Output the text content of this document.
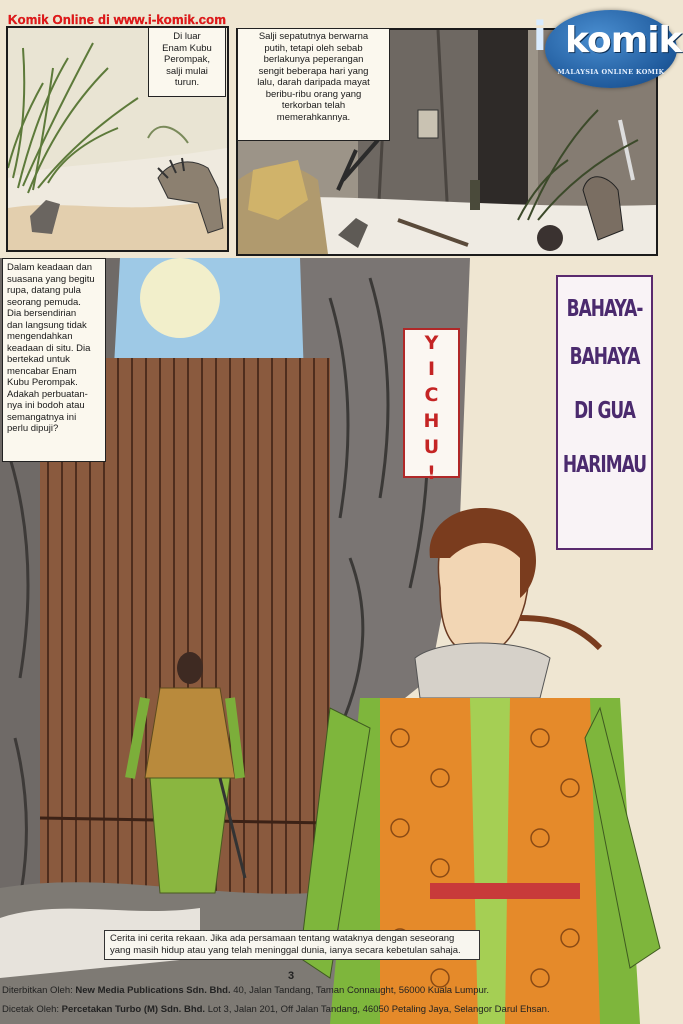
Di luar
Enam Kubu
Perompak,
salji mulai
turun.
Salji sepatutnya berwarna
putih, tetapi oleh sebab
berlakunya peperangan
sengit beberapa hari yang
lalu, darah daripada mayat
beribu-ribu orang yang
terkorban telah
memerahkannya.
i komik
MALAYSIA ONLINE KOMIK
Komik Online di www.i-komik.com
Dalam keadaan dan
suasana yang begitu
rupa, datang pula
seorang pemuda.
Dia bersendirian
dan langsung tidak
mengendahkan
keadaan di situ. Dia
bertekad untuk
mencabar Enam
Kubu Perompak.
Adakah perbuatan-
nya ini bodoh atau
semangatnya ini
perlu dipuji?
Y
I
C
H
U
!
BAHAYA-
BAHAYA
DI GUA
HARIMAU
Cerita ini cerita rekaan. Jika ada persamaan tentang wataknya dengan seseorang
yang masih hidup atau yang telah meninggal dunia, ianya secara kebetulan sahaja.
3
Diterbitkan Oleh: New Media Publications Sdn. Bhd. 40, Jalan Tandang, Taman Connaught, 56000 Kuala Lumpur.
Dicetak Oleh: Percetakan Turbo (M) Sdn. Bhd. Lot 3, Jalan 201, Off Jalan Tandang, 46050 Petaling Jaya, Selangor Darul Ehsan.
